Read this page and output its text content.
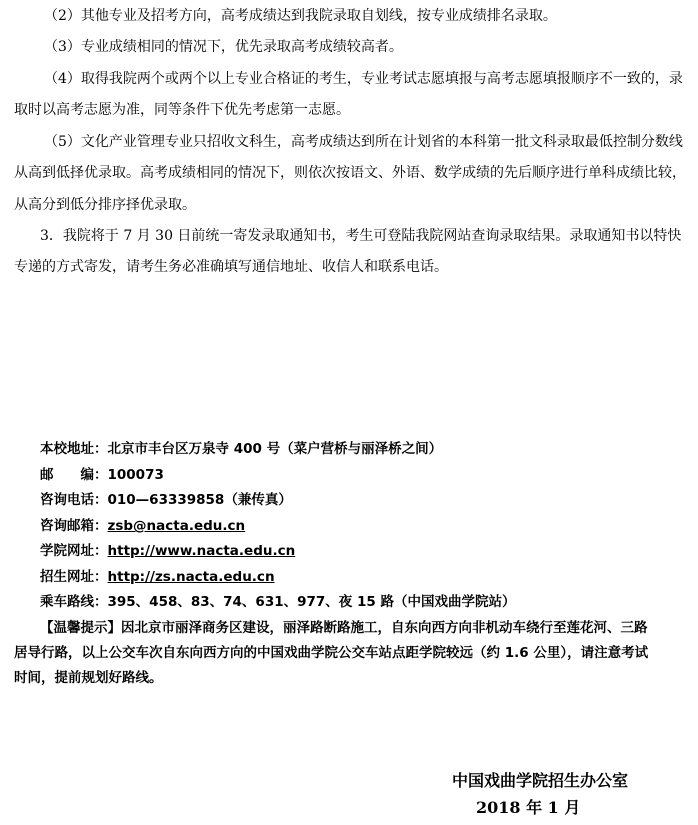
（2）其他专业及招考方向，高考成绩达到我院录取自划线，按专业成绩排名录取。
（3）专业成绩相同的情况下，优先录取高考成绩较高者。
（4）取得我院两个或两个以上专业合格证的考生，专业考试志愿填报与高考志愿填报顺序不一致的，录
取时以高考志愿为准，同等条件下优先考虑第一志愿。
（5）文化产业管理专业只招收文科生，高考成绩达到所在计划省的本科第一批文科录取最低控制分数线
从高到低择优录取。高考成绩相同的情况下，则依次按语文、外语、数学成绩的先后顺序进行单科成绩比较，
从高分到低分排序择优录取。
3．我院将于 7 月 30 日前统一寄发录取通知书，考生可登陆我院网站查询录取结果。录取通知书以特快
专递的方式寄发，请考生务必准确填写通信地址、收信人和联系电话。
本校地址：北京市丰台区万泉寺 400 号（菜户营桥与丽泽桥之间）
邮　　编：100073
咨询电话：010—63339858（兼传真）
咨询邮箱：zsb@nacta.edu.cn
学院网址：http://www.nacta.edu.cn
招生网址：http://zs.nacta.edu.cn
乘车路线：395、458、83、74、631、977、夜 15 路（中国戏曲学院站）
【温馨提示】因北京市丽泽商务区建设，丽泽路断路施工，自东向西方向非机动车绕行至莲花河、三路
居导行路，以上公交车次自东向西方向的中国戏曲学院公交车站点距学院较远（约 1.6 公里），请注意考试
时间，提前规划好路线。
中国戏曲学院招生办公室
2018 年 1 月
